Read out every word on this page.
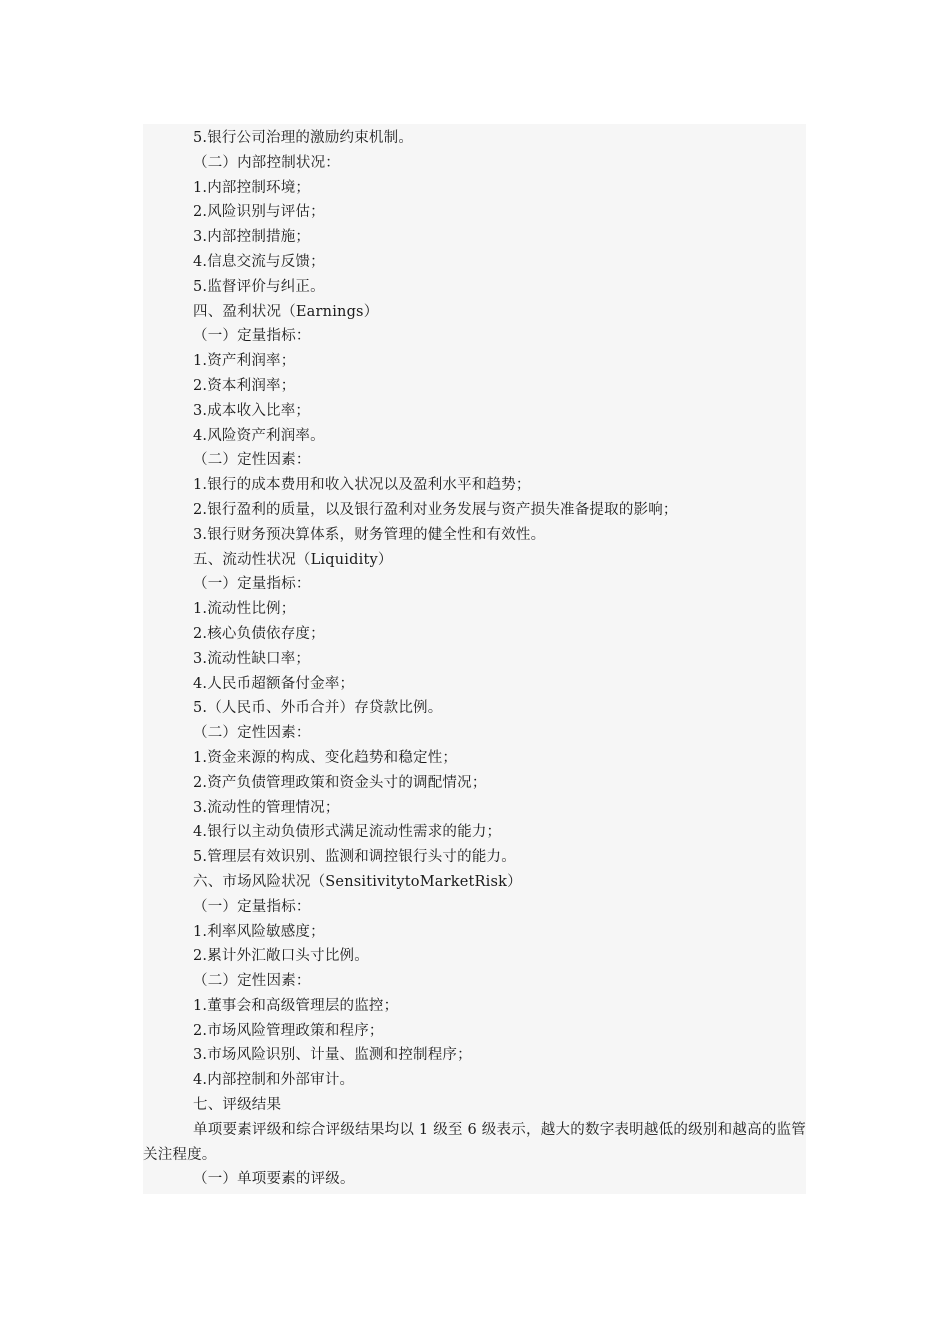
5.银行公司治理的激励约束机制。
（二）内部控制状况：
1.内部控制环境；
2.风险识别与评估；
3.内部控制措施；
4.信息交流与反馈；
5.监督评价与纠正。
四、盈利状况（Earnings）
（一）定量指标：
1.资产利润率；
2.资本利润率；
3.成本收入比率；
4.风险资产利润率。
（二）定性因素：
1.银行的成本费用和收入状况以及盈利水平和趋势；
2.银行盈利的质量，以及银行盈利对业务发展与资产损失准备提取的影响；
3.银行财务预决算体系，财务管理的健全性和有效性。
五、流动性状况（Liquidity）
（一）定量指标：
1.流动性比例；
2.核心负债依存度；
3.流动性缺口率；
4.人民币超额备付金率；
5.（人民币、外币合并）存贷款比例。
（二）定性因素：
1.资金来源的构成、变化趋势和稳定性；
2.资产负债管理政策和资金头寸的调配情况；
3.流动性的管理情况；
4.银行以主动负债形式满足流动性需求的能力；
5.管理层有效识别、监测和调控银行头寸的能力。
六、市场风险状况（SensitivitytoMarketRisk）
（一）定量指标：
1.利率风险敏感度；
2.累计外汇敞口头寸比例。
（二）定性因素：
1.董事会和高级管理层的监控；
2.市场风险管理政策和程序；
3.市场风险识别、计量、监测和控制程序；
4.内部控制和外部审计。
七、评级结果
单项要素评级和综合评级结果均以 1 级至 6 级表示，越大的数字表明越低的级别和越高的监管关注程度。
（一）单项要素的评级。
